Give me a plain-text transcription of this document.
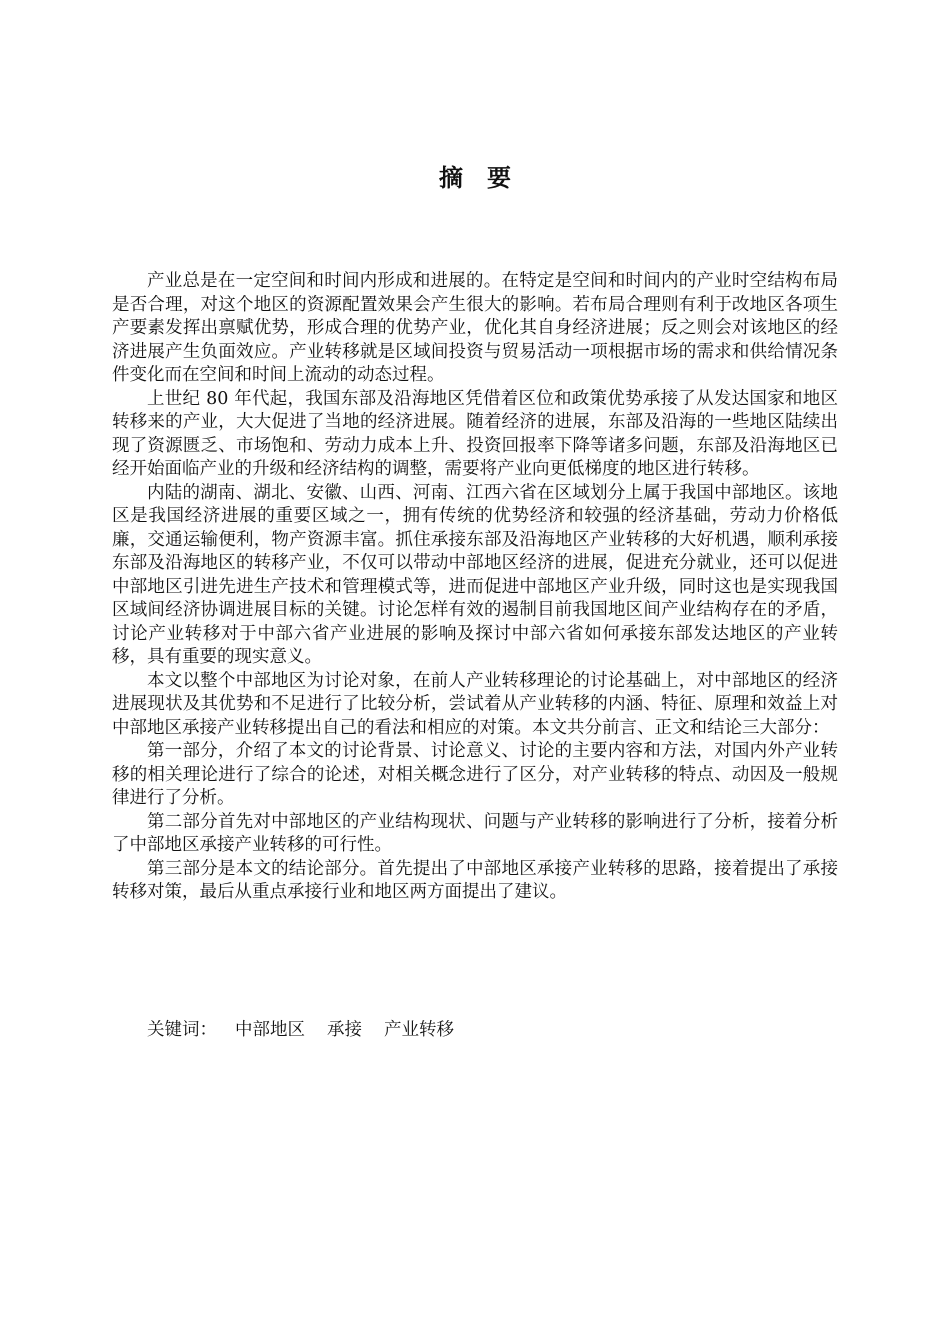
摘要

产业总是在一定空间和时间内形成和进展的。在特定是空间和时间内的产业时空结构布局是否合理，对这个地区的资源配置效果会产生很大的影响。若布局合理则有利于改地区各项生产要素发挥出禀赋优势，形成合理的优势产业，优化其自身经济进展；反之则会对该地区的经济进展产生负面效应。产业转移就是区域间投资与贸易活动一项根据市场的需求和供给情况条件变化而在空间和时间上流动的动态过程。

上世纪 80 年代起，我国东部及沿海地区凭借着区位和政策优势承接了从发达国家和地区转移来的产业，大大促进了当地的经济进展。随着经济的进展，东部及沿海的一些地区陆续出现了资源匮乏、市场饱和、劳动力成本上升、投资回报率下降等诸多问题，东部及沿海地区已经开始面临产业的升级和经济结构的调整，需要将产业向更低梯度的地区进行转移。

内陆的湖南、湖北、安徽、山西、河南、江西六省在区域划分上属于我国中部地区。该地区是我国经济进展的重要区域之一，拥有传统的优势经济和较强的经济基础，劳动力价格低廉，交通运输便利，物产资源丰富。抓住承接东部及沿海地区产业转移的大好机遇，顺利承接东部及沿海地区的转移产业，不仅可以带动中部地区经济的进展，促进充分就业，还可以促进中部地区引进先进生产技术和管理模式等，进而促进中部地区产业升级，同时这也是实现我国区域间经济协调进展目标的关键。讨论怎样有效的遏制目前我国地区间产业结构存在的矛盾，讨论产业转移对于中部六省产业进展的影响及探讨中部六省如何承接东部发达地区的产业转移，具有重要的现实意义。

本文以整个中部地区为讨论对象，在前人产业转移理论的讨论基础上，对中部地区的经济进展现状及其优势和不足进行了比较分析，尝试着从产业转移的内涵、特征、原理和效益上对中部地区承接产业转移提出自己的看法和相应的对策。本文共分前言、正文和结论三大部分：

第一部分，介绍了本文的讨论背景、讨论意义、讨论的主要内容和方法，对国内外产业转移的相关理论进行了综合的论述，对相关概念进行了区分，对产业转移的特点、动因及一般规律进行了分析。

第二部分首先对中部地区的产业结构现状、问题与产业转移的影响进行了分析，接着分析了中部地区承接产业转移的可行性。

第三部分是本文的结论部分。首先提出了中部地区承接产业转移的思路，接着提出了承接转移对策，最后从重点承接行业和地区两方面提出了建议。

关键词： 中部地区 承接 产业转移
